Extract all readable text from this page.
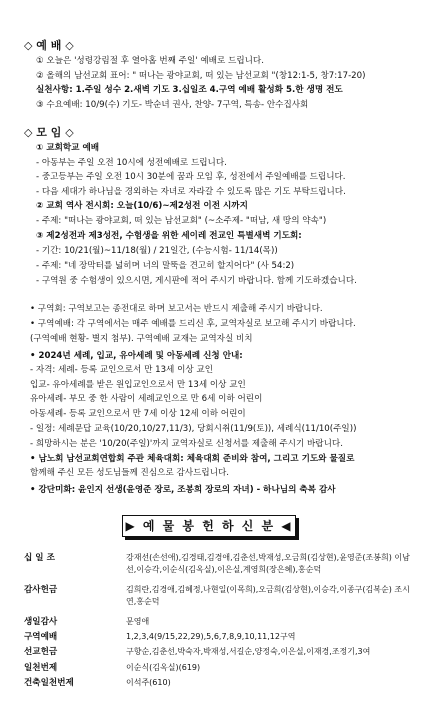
◇ 예 배 ◇
① 오늘은 '성령강림절 후 열아홉 번째 주일' 예배로 드립니다.
② 올해의 남선교회 표어: " 떠나는 광야교회, 떠 있는 남선교회 "(창12:1-5, 창7:17-20)
실천사항: 1.주일 성수 2.새벽 기도 3.십일조 4.구역 예배 활성화 5.한 생명 전도
③ 수요예배: 10/9(수) 기도- 박순녀 권사, 찬양- 7구역, 특송- 안수집사회
◇ 모 임 ◇
① 교회학교 예배
- 아동부는 주일 오전 10시에 성전예배로 드립니다.
- 중고등부는 주일 오전 10시 30분에 꿈과 모임 후, 성전에서 주일예배를 드립니다.
- 다음 세대가 하나님을 경외하는 자녀로 자라갈 수 있도록 많은 기도 부탁드립니다.
② 교회 역사 전시회: 오늘(10/6)~제2성전 이전 시까지
- 주제: "떠나는 광야교회, 떠 있는 남선교회" (~소주제- "떠남, 새 땅의 약속")
③ 제2성전과 제3성전, 수험생을 위한 세이레 전교인 특별새벽 기도회:
- 기간: 10/21(월)~11/18(월) / 21일간, (수능시험- 11/14(목))
- 주제: "네 장막터를 넓히며 너의 말뚝을 견고히 할지어다" (사 54:2)
- 구역원 중 수험생이 있으시면, 게시판에 적어 주시기 바랍니다. 함께 기도하겠습니다.
• 구역회: 구역보고는 종전대로 하며 보고서는 반드시 제출해 주시기 바랍니다.
• 구역예배: 각 구역에서는 매주 예배를 드리신 후, 교역자실로 보고해 주시기 바랍니다.
(구역예배 현황- 별지 첨부). 구역예배 교재는 교역자실 비치
• 2024년 세례, 입교, 유아세례 및 아동세례 신청 안내:
- 자격: 세례- 등록 교인으로서 만 13세 이상 교인
입교- 유아세례를 받은 원입교인으로서 만 13세 이상 교인
유아세례- 부모 중 한 사람이 세례교인으로 만 6세 이하 어린이
아동세례- 등록 교인으로서 만 7세 이상 12세 이하 어린이
- 일정: 세례문답 교육(10/20,10/27,11/3), 당회시취(11/9(토)), 세례식(11/10(주일))
- 희망하시는 분은 '10/20(주일)'까지 교역자실로 신청서를 제출해 주시기 바랍니다.
• 남노회 남선교회연합회 주관 체육대회: 체육대회 준비와 참여, 그리고 기도와 물질로
함께해 주신 모든 성도님들께 진심으로 감사드립니다.
• 강단미화: 윤인지 선생(윤영준 장로, 조봉희 장로의 자녀) - 하나님의 축복 감사
▶ 예 물 봉 헌 하 신 분 ◀
십 일 조	강재선(손선애),김경태,김경애,김춘선,박재성,오금희(김상현),윤영준(조봉희) 이남선,이승각,이순식(김옥실),이은실,계영희(장은혜),홍순덕
감사헌금	김희란,김경애,김혜정,나현일(이목희),오금희(김상현),이승각,이종구(김복순) 조시연,홍순덕
생일감사	문영애
구역예배	1,2,3,4(9/15,22,29),5,6,7,8,9,10,11,12구역
선교헌금	구향순,김춘선,박숙자,박재성,서길순,양정숙,이은실,이재경,조정기,3여
일천번제	이순식(김옥실)(619)
건축일천번제	이석주(610)
